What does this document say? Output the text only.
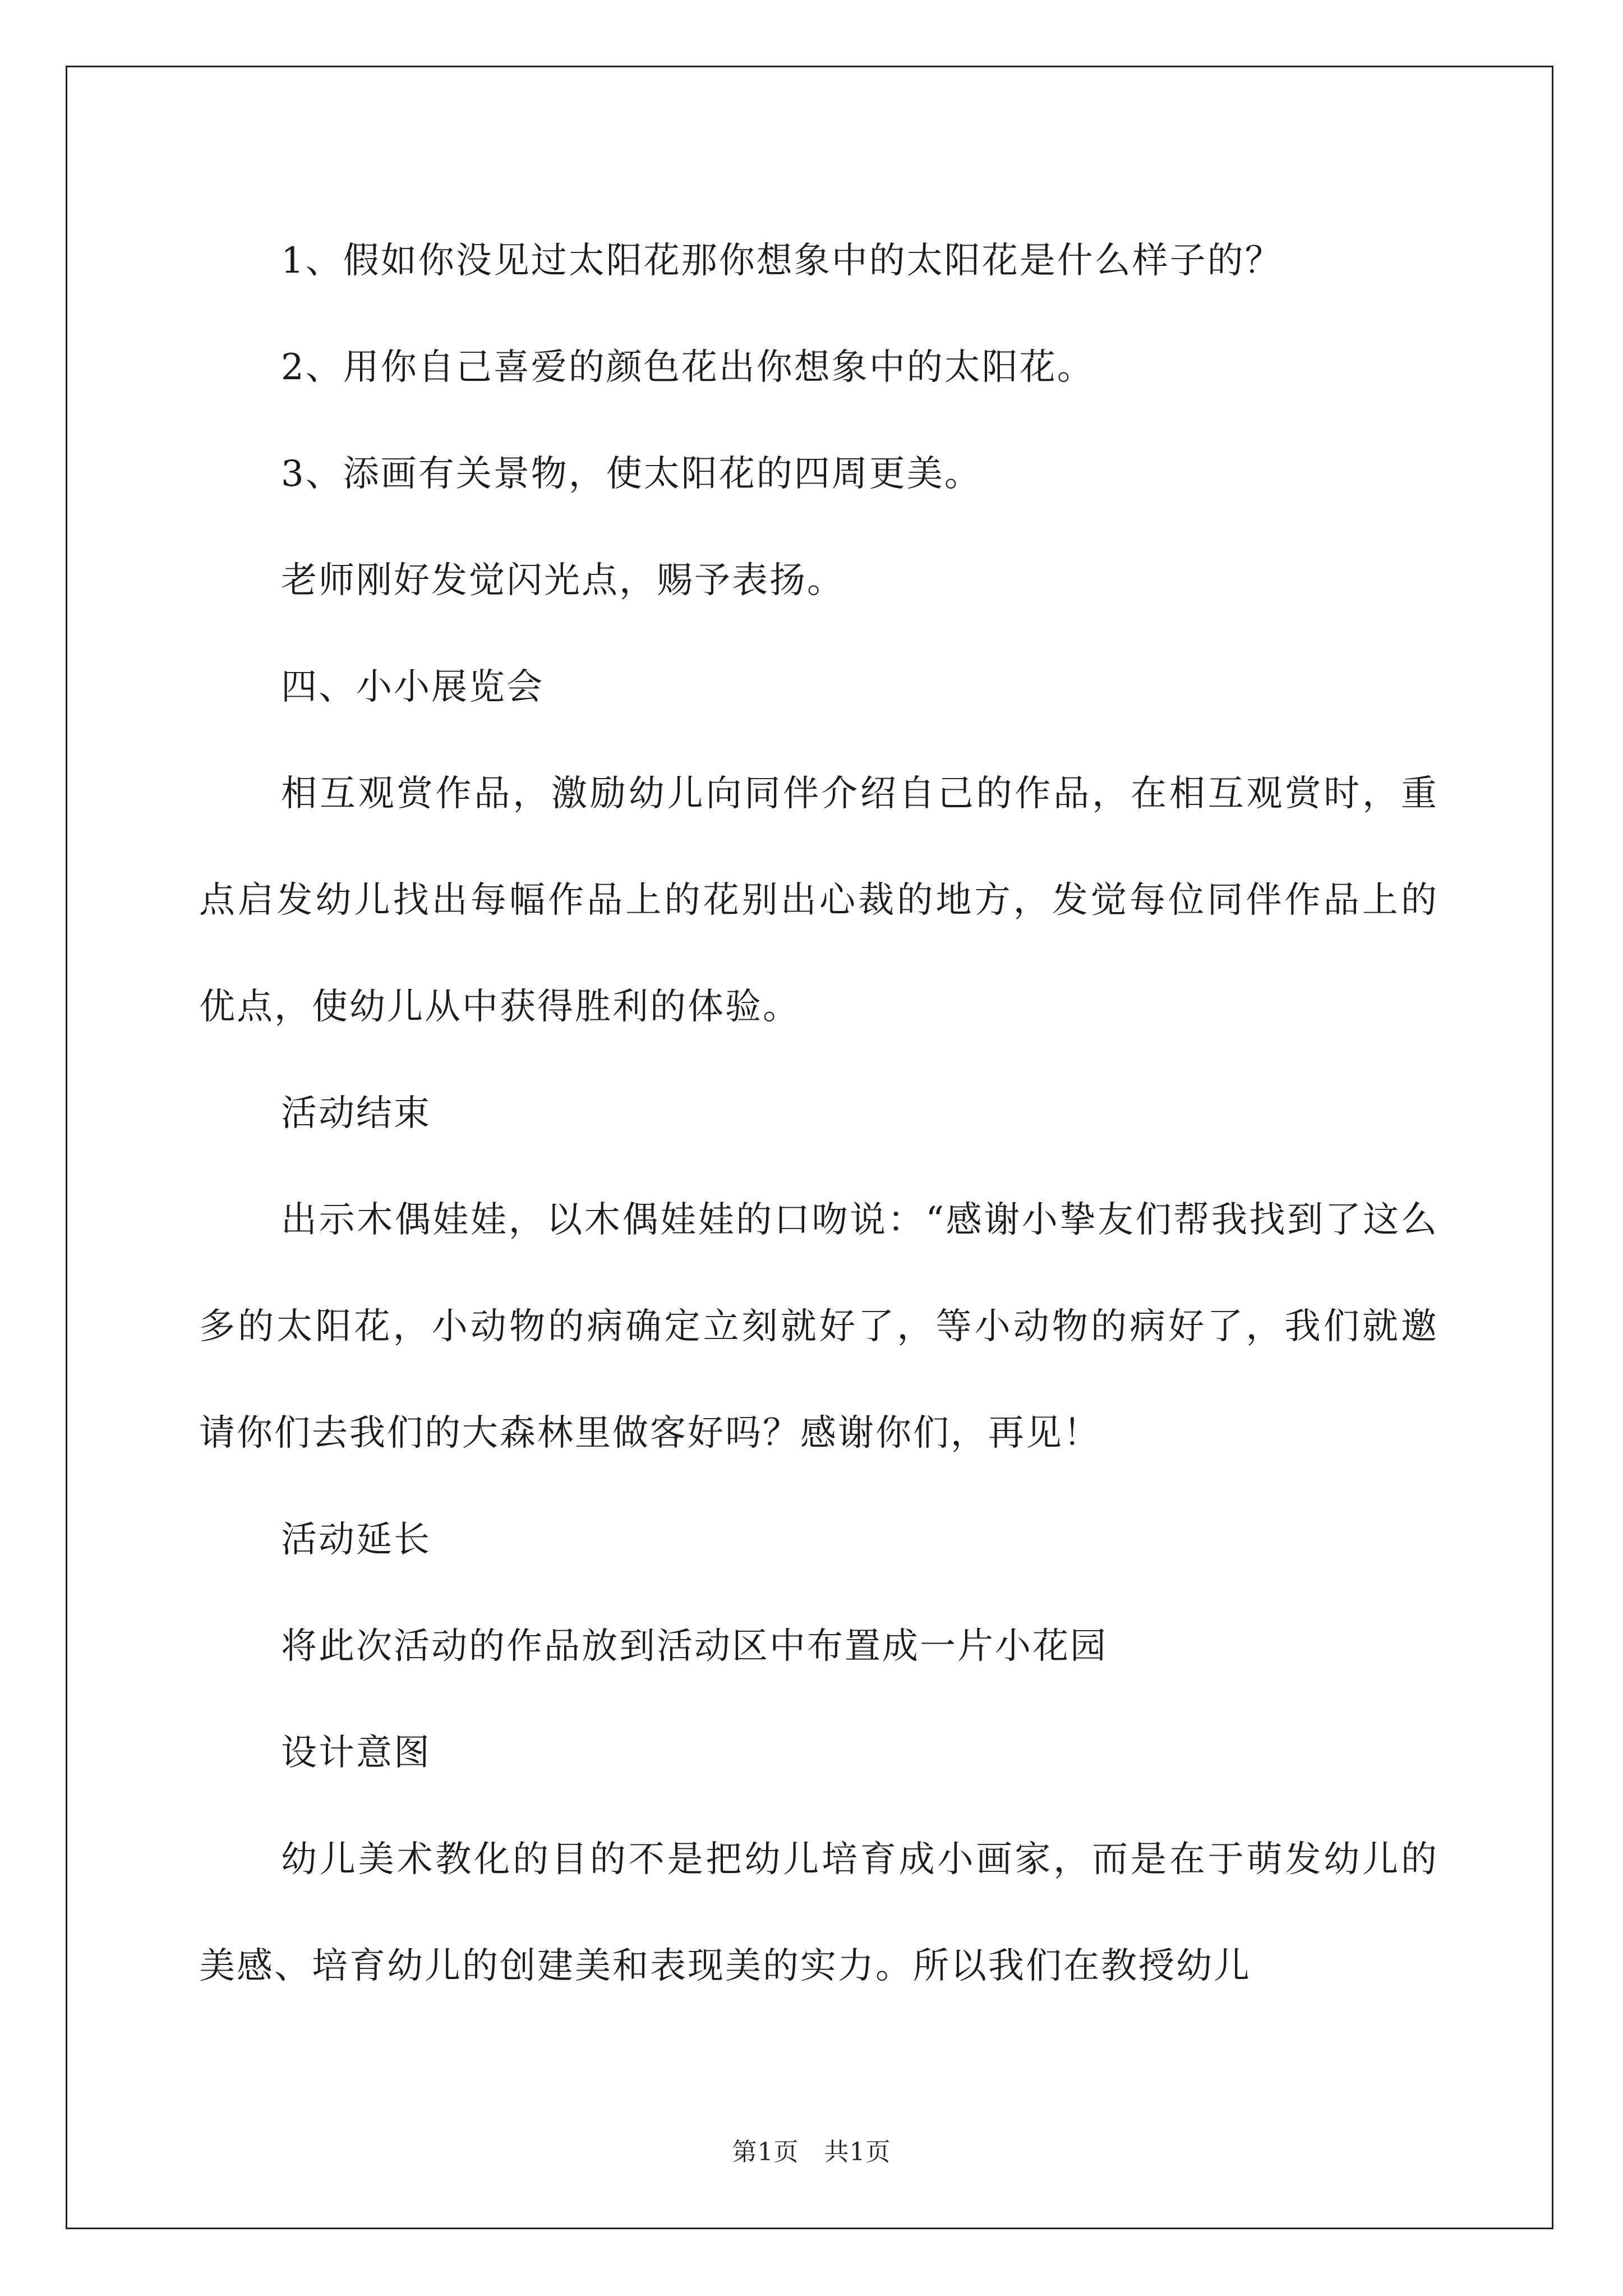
1、假如你没见过太阳花那你想象中的太阳花是什么样子的？

2、用你自己喜爱的颜色花出你想象中的太阳花。

3、添画有关景物，使太阳花的四周更美。

老师刚好发觉闪光点，赐予表扬。

四、小小展览会

相互观赏作品，激励幼儿向同伴介绍自己的作品，在相互观赏时，重点启发幼儿找出每幅作品上的花别出心裁的地方，发觉每位同伴作品上的优点，使幼儿从中获得胜利的体验。

活动结束

出示木偶娃娃，以木偶娃娃的口吻说：“感谢小挚友们帮我找到了这么多的太阳花，小动物的病确定立刻就好了，等小动物的病好了，我们就邀请你们去我们的大森林里做客好吗？感谢你们，再见！

活动延长

将此次活动的作品放到活动区中布置成一片小花园

设计意图

幼儿美术教化的目的不是把幼儿培育成小画家，而是在于萌发幼儿的美感、培育幼儿的创建美和表现美的实力。所以我们在教授幼儿

第1页　共1页
